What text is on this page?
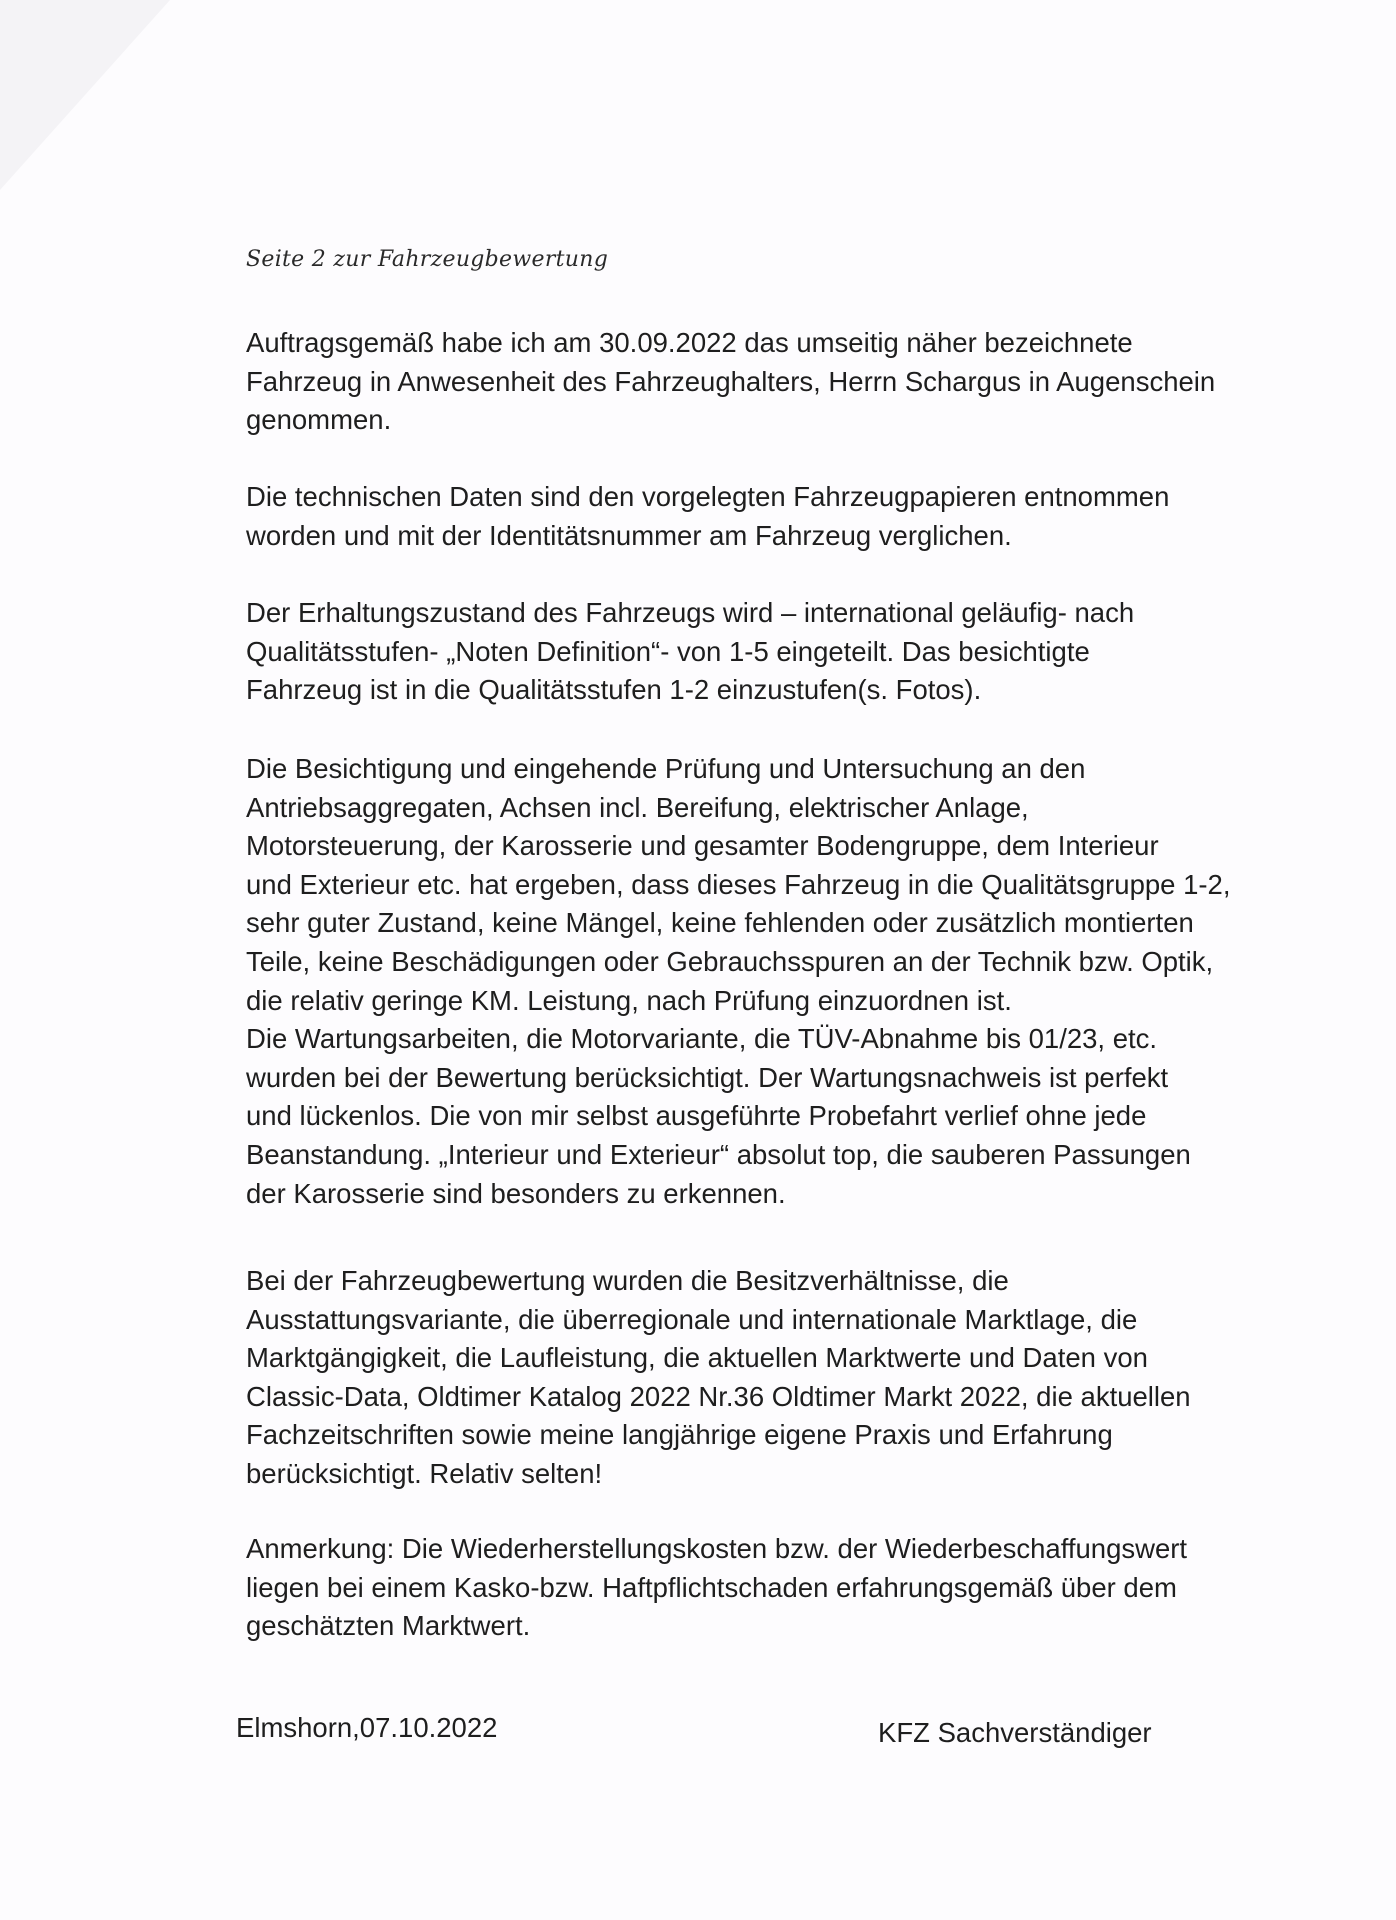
Seite 2 zur Fahrzeugbewertung
Auftragsgemäß habe ich am 30.09.2022 das umseitig näher bezeichnete
Fahrzeug in Anwesenheit des Fahrzeughalters, Herrn Schargus in Augenschein
genommen.
Die technischen Daten sind den vorgelegten Fahrzeugpapieren entnommen
worden und mit der Identitätsnummer am Fahrzeug verglichen.
Der Erhaltungszustand des Fahrzeugs wird – international geläufig- nach
Qualitätsstufen- „Noten Definition“- von 1-5 eingeteilt. Das besichtigte
Fahrzeug ist in die Qualitätsstufen 1-2 einzustufen(s. Fotos).
Die Besichtigung und eingehende Prüfung und Untersuchung an den
Antriebsaggregaten, Achsen incl. Bereifung, elektrischer Anlage,
Motorsteuerung, der Karosserie und gesamter Bodengruppe, dem Interieur
und Exterieur etc. hat ergeben, dass dieses Fahrzeug in die Qualitätsgruppe 1-2,
sehr guter Zustand, keine Mängel, keine fehlenden oder zusätzlich montierten
Teile, keine Beschädigungen oder Gebrauchsspuren an der Technik bzw. Optik,
die relativ geringe KM. Leistung, nach Prüfung einzuordnen ist.
Die Wartungsarbeiten, die Motorvariante, die TÜV-Abnahme bis 01/23, etc.
wurden bei der Bewertung berücksichtigt. Der Wartungsnachweis ist perfekt
und lückenlos. Die von mir selbst ausgeführte Probefahrt verlief ohne jede
Beanstandung. „Interieur und Exterieur“ absolut top, die sauberen Passungen
der Karosserie sind besonders zu erkennen.
Bei der Fahrzeugbewertung wurden die Besitzverhältnisse, die
Ausstattungsvariante, die überregionale und internationale Marktlage, die
Marktgängigkeit, die Laufleistung, die aktuellen Marktwerte und Daten von
Classic-Data, Oldtimer Katalog 2022 Nr.36 Oldtimer Markt 2022, die aktuellen
Fachzeitschriften sowie meine langjährige eigene Praxis und Erfahrung
berücksichtigt. Relativ selten!
Anmerkung: Die Wiederherstellungskosten bzw. der Wiederbeschaffungswert
liegen bei einem Kasko-bzw. Haftpflichtschaden erfahrungsgemäß über dem
geschätzten Marktwert.
Elmshorn,07.10.2022	KFZ Sachverständiger
